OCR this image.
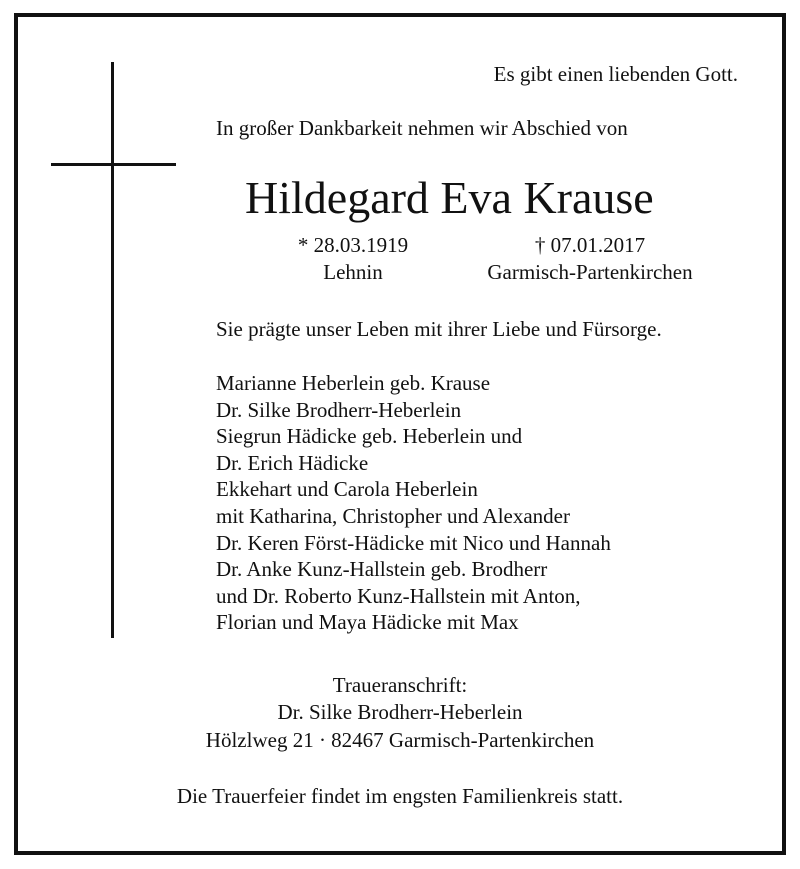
Es gibt einen liebenden Gott.
In großer Dankbarkeit nehmen wir Abschied von
Hildegard Eva Krause
* 28.03.1919
Lehnin
† 07.01.2017
Garmisch-Partenkirchen
Sie prägte unser Leben mit ihrer Liebe und Fürsorge.
Marianne Heberlein geb. Krause
Dr. Silke Brodherr-Heberlein
Siegrun Hädicke geb. Heberlein und
Dr. Erich Hädicke
Ekkehart und Carola Heberlein
mit Katharina, Christopher und Alexander
Dr. Keren Först-Hädicke mit Nico und Hannah
Dr. Anke Kunz-Hallstein geb. Brodherr
und Dr. Roberto Kunz-Hallstein mit Anton,
Florian und Maya Hädicke mit Max
Traueranschrift:
Dr. Silke Brodherr-Heberlein
Hölzlweg 21 · 82467 Garmisch-Partenkirchen
Die Trauerfeier findet im engsten Familienkreis statt.
